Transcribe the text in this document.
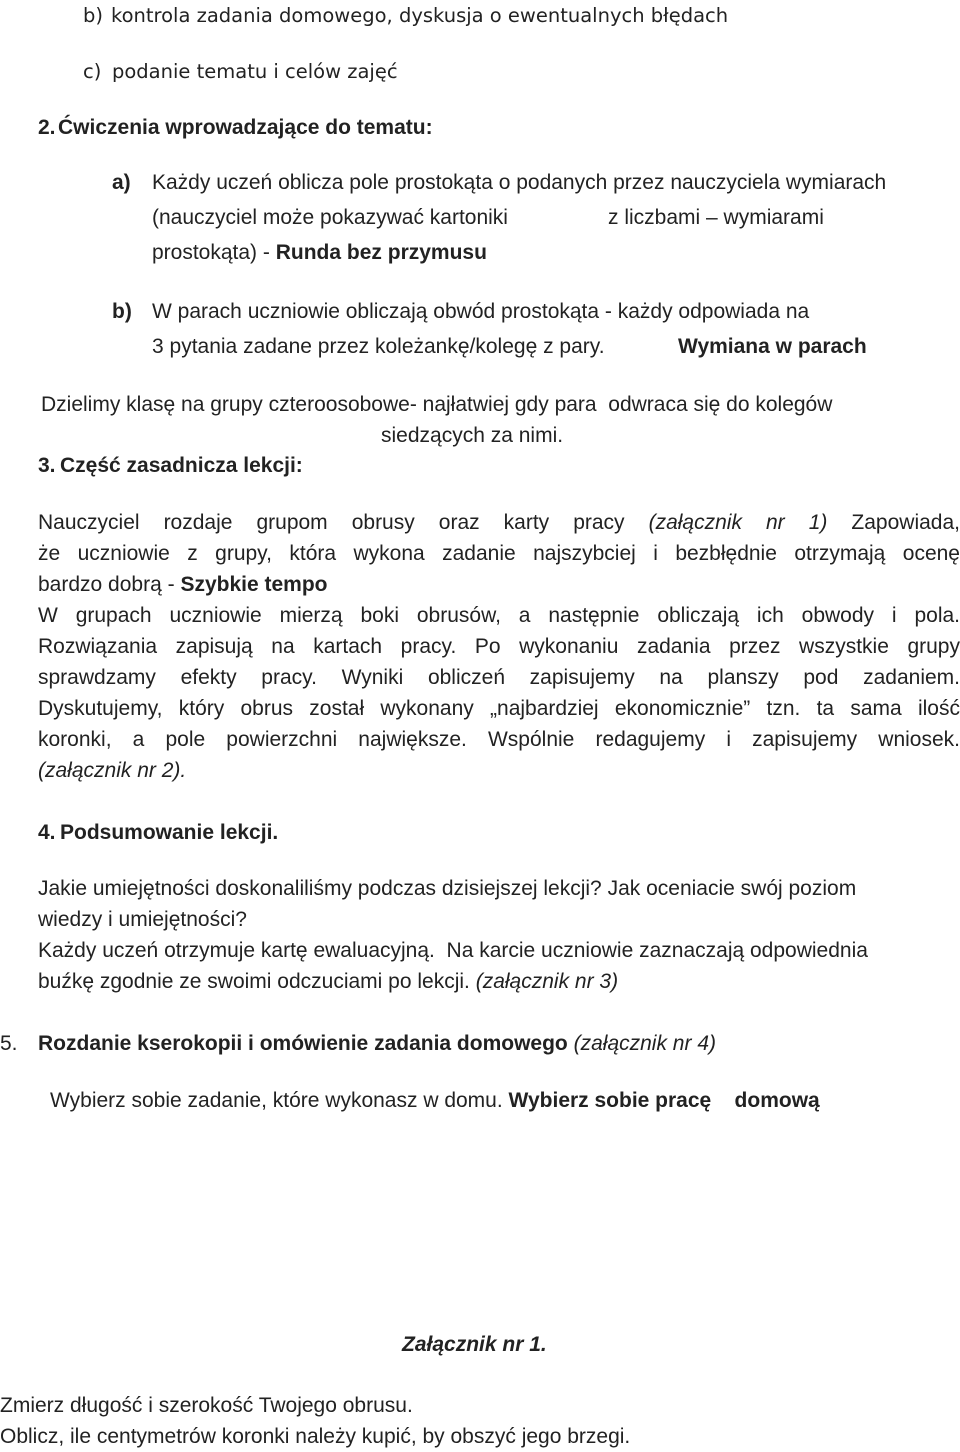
b) kontrola zadania domowego, dyskusja o ewentualnych błędach
c) podanie tematu i celów zajęć
2. Ćwiczenia wprowadzające do tematu:
a) Każdy uczeń oblicza pole prostokąta o podanych przez nauczyciela wymiarach
(nauczyciel może pokazywać kartoniki	z liczbami – wymiarami
prostokąta) - Runda bez przymusu
b) W parach uczniowie obliczają obwód prostokąta - każdy odpowiada na
3 pytania zadane przez koleżankę/kolegę z pary.	Wymiana w parach
Dzielimy klasę na grupy czteroosobowe- najłatwiej gdy para  odwraca się do kolegów
siedzących za nimi.
3. Część zasadnicza lekcji:
Nauczyciel rozdaje grupom obrusy oraz karty pracy (załącznik nr 1) Zapowiada,
że uczniowie z grupy, która wykona zadanie najszybciej i bezbłędnie otrzymają ocenę
bardzo dobrą - Szybkie tempo
W grupach uczniowie mierzą boki obrusów, a następnie obliczają ich obwody i pola.
Rozwiązania zapisują na kartach pracy. Po wykonaniu zadania przez wszystkie grupy
sprawdzamy efekty pracy. Wyniki obliczeń zapisujemy na planszy pod zadaniem.
Dyskutujemy, który obrus został wykonany „najbardziej ekonomicznie” tzn. ta sama ilość
koronki, a pole powierzchni największe. Wspólnie redagujemy i zapisujemy wniosek.
(załącznik nr 2).
4. Podsumowanie lekcji.
Jakie umiejętności doskonaliliśmy podczas dzisiejszej lekcji? Jak oceniacie swój poziom
wiedzy i umiejętności?
Każdy uczeń otrzymuje kartę ewaluacyjną.  Na karcie uczniowie zaznaczają odpowiednia
buźkę zgodnie ze swoimi odczuciami po lekcji. (załącznik nr 3)
5. Rozdanie kserokopii i omówienie zadania domowego (załącznik nr 4)
Wybierz sobie zadanie, które wykonasz w domu. Wybierz sobie pracę    domową
Załącznik nr 1.
Zmierz długość i szerokość Twojego obrusu.
Oblicz, ile centymetrów koronki należy kupić, by obszyć jego brzegi.
